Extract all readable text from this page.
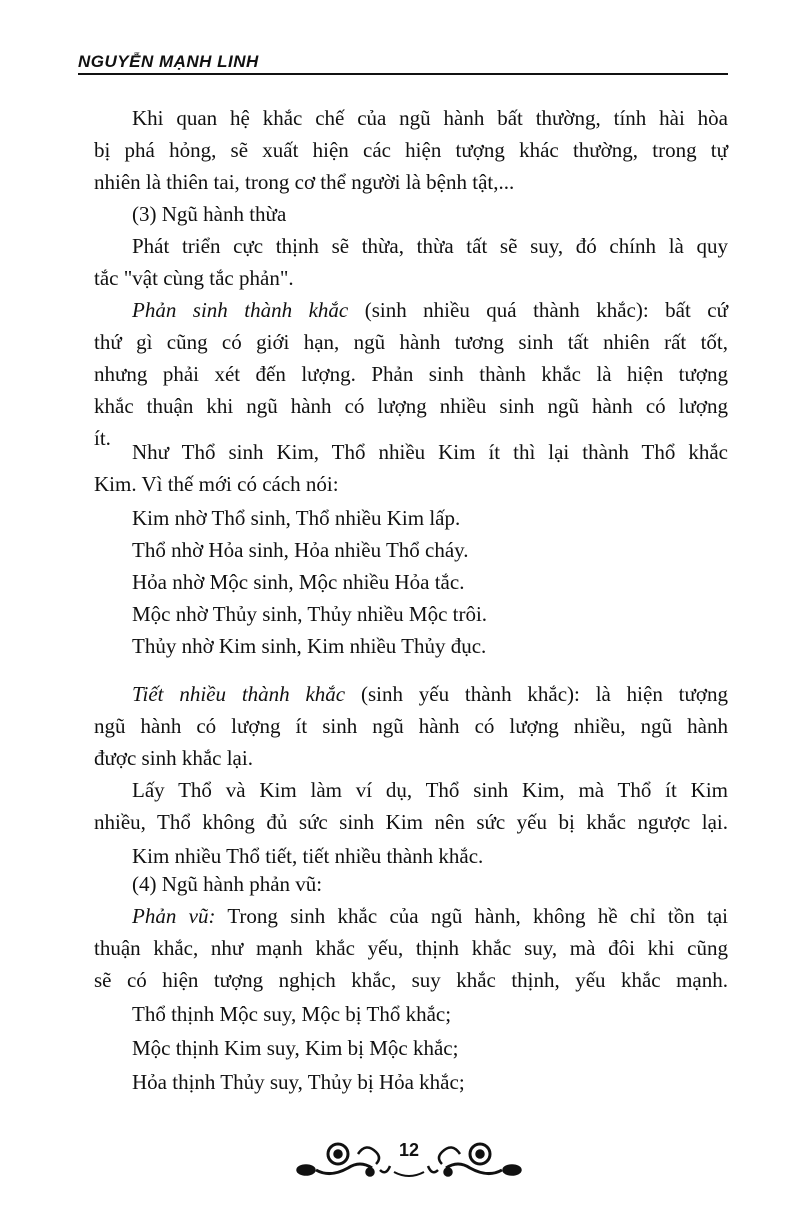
NGUYỄN MẠNH LINH
Khi quan hệ khắc chế của ngũ hành bất thường, tính hài hòa
bị phá hỏng, sẽ xuất hiện các hiện tượng khác thường, trong tự
nhiên là thiên tai, trong cơ thể người là bệnh tật,...
(3) Ngũ hành thừa
Phát triển cực thịnh sẽ thừa, thừa tất sẽ suy, đó chính là quy
tắc "vật cùng tắc phản".
Phản sinh thành khắc (sinh nhiều quá thành khắc): bất cứ
thứ gì cũng có giới hạn, ngũ hành tương sinh tất nhiên rất tốt,
nhưng phải xét đến lượng. Phản sinh thành khắc là hiện tượng
khắc thuận khi ngũ hành có lượng nhiều sinh ngũ hành có lượng
ít.
Như Thổ sinh Kim, Thổ nhiều Kim ít thì lại thành Thổ khắc
Kim. Vì thế mới có cách nói:
Kim nhờ Thổ sinh, Thổ nhiều Kim lấp.
Thổ nhờ Hỏa sinh, Hỏa nhiều Thổ cháy.
Hỏa nhờ Mộc sinh, Mộc nhiều Hỏa tắc.
Mộc nhờ Thủy sinh, Thủy nhiều Mộc trôi.
Thủy nhờ Kim sinh, Kim nhiều Thủy đục.
Tiết nhiều thành khắc (sinh yếu thành khắc): là hiện tượng
ngũ hành có lượng ít sinh ngũ hành có lượng nhiều, ngũ hành
được sinh khắc lại.
Lấy Thổ và Kim làm ví dụ, Thổ sinh Kim, mà Thổ ít Kim
nhiều, Thổ không đủ sức sinh Kim nên sức yếu bị khắc ngược lại.
Kim nhiều Thổ tiết, tiết nhiều thành khắc.
(4) Ngũ hành phản vũ:
Phản vũ: Trong sinh khắc của ngũ hành, không hề chỉ tồn tại
thuận khắc, như mạnh khắc yếu, thịnh khắc suy, mà đôi khi cũng
sẽ có hiện tượng nghịch khắc, suy khắc thịnh, yếu khắc mạnh.
Thổ thịnh Mộc suy, Mộc bị Thổ khắc;
Mộc thịnh Kim suy, Kim bị Mộc khắc;
Hỏa thịnh Thủy suy, Thủy bị Hỏa khắc;
12
